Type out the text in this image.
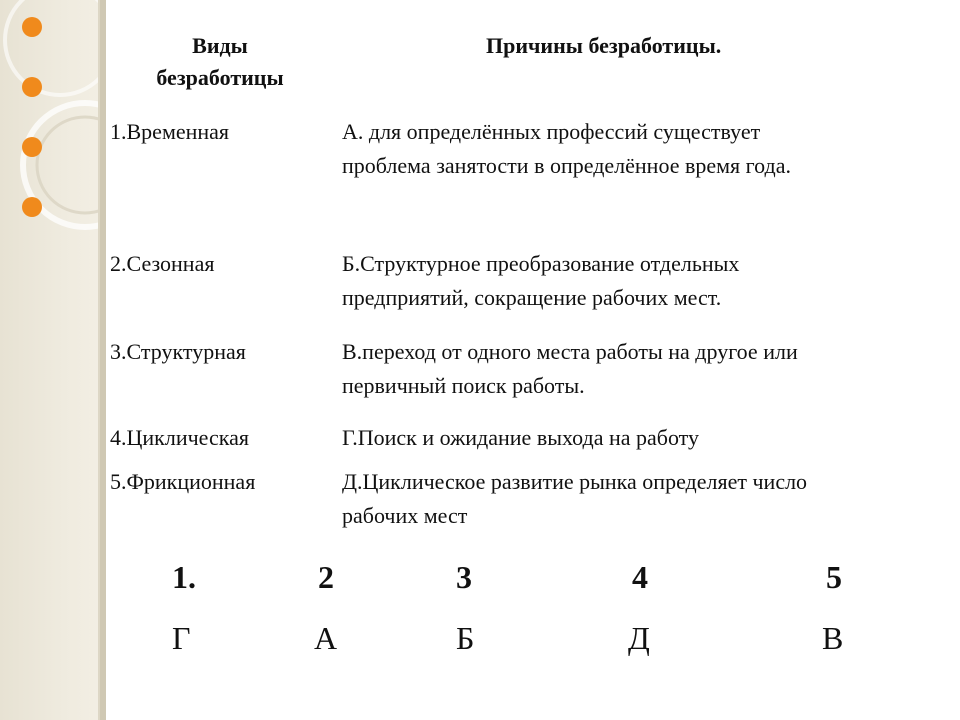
Виды безработицы
Причины безработицы.
1.Временная	А. для определённых профессий существует
проблема занятости в определённое время года.
2.Сезонная	Б.Структурное преобразование отдельных
предприятий, сокращение рабочих мест.
3.Структурная	В.переход от одного места работы на другое или
первичный поиск работы.
4.Циклическая	Г.Поиск и ожидание выхода на работу
5.Фрикционная	Д.Циклическое развитие рынка определяет число
рабочих мест
1.	2	3	4	5
Г	А	Б	Д	В
